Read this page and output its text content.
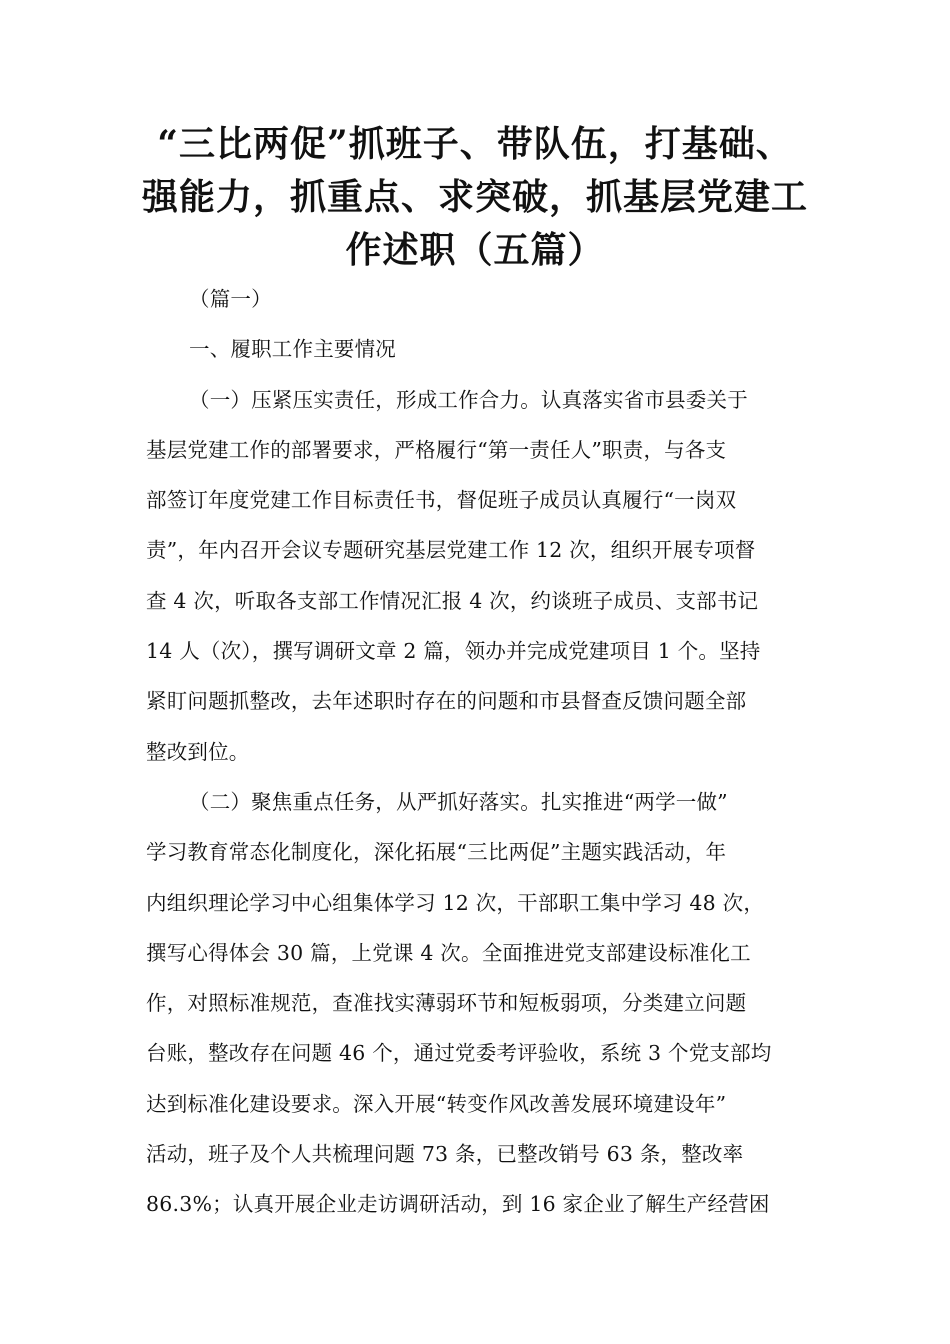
“三比两促”抓班子、带队伍，打基础、
强能力，抓重点、求突破，抓基层党建工
作述职（五篇）
（篇一）
一、履职工作主要情况
（一）压紧压实责任，形成工作合力。认真落实省市县委关于
基层党建工作的部署要求，严格履行“第一责任人”职责，与各支
部签订年度党建工作目标责任书，督促班子成员认真履行“一岗双
责”，年内召开会议专题研究基层党建工作 12 次，组织开展专项督
查 4 次，听取各支部工作情况汇报 4 次，约谈班子成员、支部书记
14 人（次），撰写调研文章 2 篇，领办并完成党建项目 1 个。坚持
紧盯问题抓整改，去年述职时存在的问题和市县督查反馈问题全部
整改到位。
（二）聚焦重点任务，从严抓好落实。扎实推进“两学一做”
学习教育常态化制度化，深化拓展“三比两促”主题实践活动，年
内组织理论学习中心组集体学习 12 次，干部职工集中学习 48 次，
撰写心得体会 30 篇，上党课 4 次。全面推进党支部建设标准化工
作，对照标准规范，查准找实薄弱环节和短板弱项，分类建立问题
台账，整改存在问题 46 个，通过党委考评验收，系统 3 个党支部均
达到标准化建设要求。深入开展“转变作风改善发展环境建设年”
活动，班子及个人共梳理问题 73 条，已整改销号 63 条，整改率
86.3%；认真开展企业走访调研活动，到 16 家企业了解生产经营困
